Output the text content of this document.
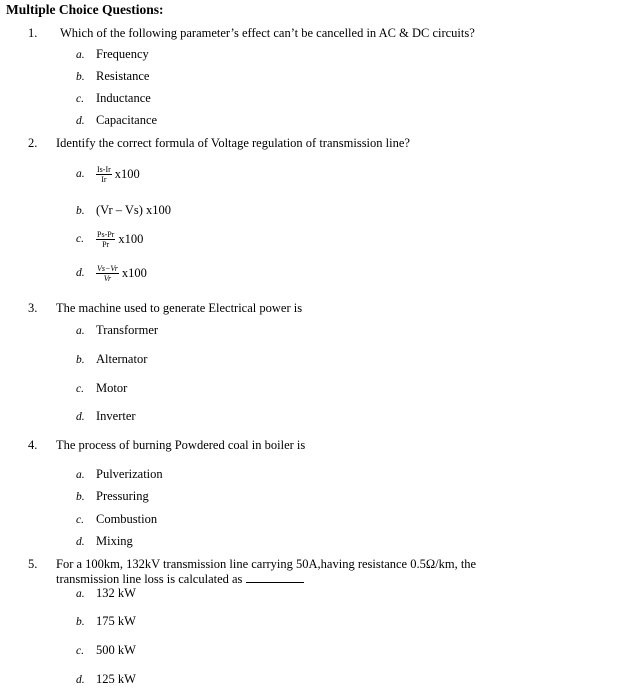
Multiple Choice Questions:
1. Which of the following parameter’s effect can’t be cancelled in AC & DC circuits?
a. Frequency
b. Resistance
c. Inductance
d. Capacitance
2. Identify the correct formula of Voltage regulation of transmission line?
a. $\frac{Is-Ir}{Ir} x100$
b. (Vr – Vs) x100
c. $\frac{Ps-Pr}{Pr} x100$
d. $\frac{Vs-Vr}{Vr} x100$
3. The machine used to generate Electrical power is
a. Transformer
b. Alternator
c. Motor
d. Inverter
4. The process of burning Powdered coal in boiler is
a. Pulverization
b. Pressuring
c. Combustion
d. Mixing
5. For a 100km, 132kV transmission line carrying 50A,having resistance 0.5Ω/km, the
transmission line loss is calculated as
a. 132 kW
b. 175 kW
c. 500 kW
d. 125 kW
